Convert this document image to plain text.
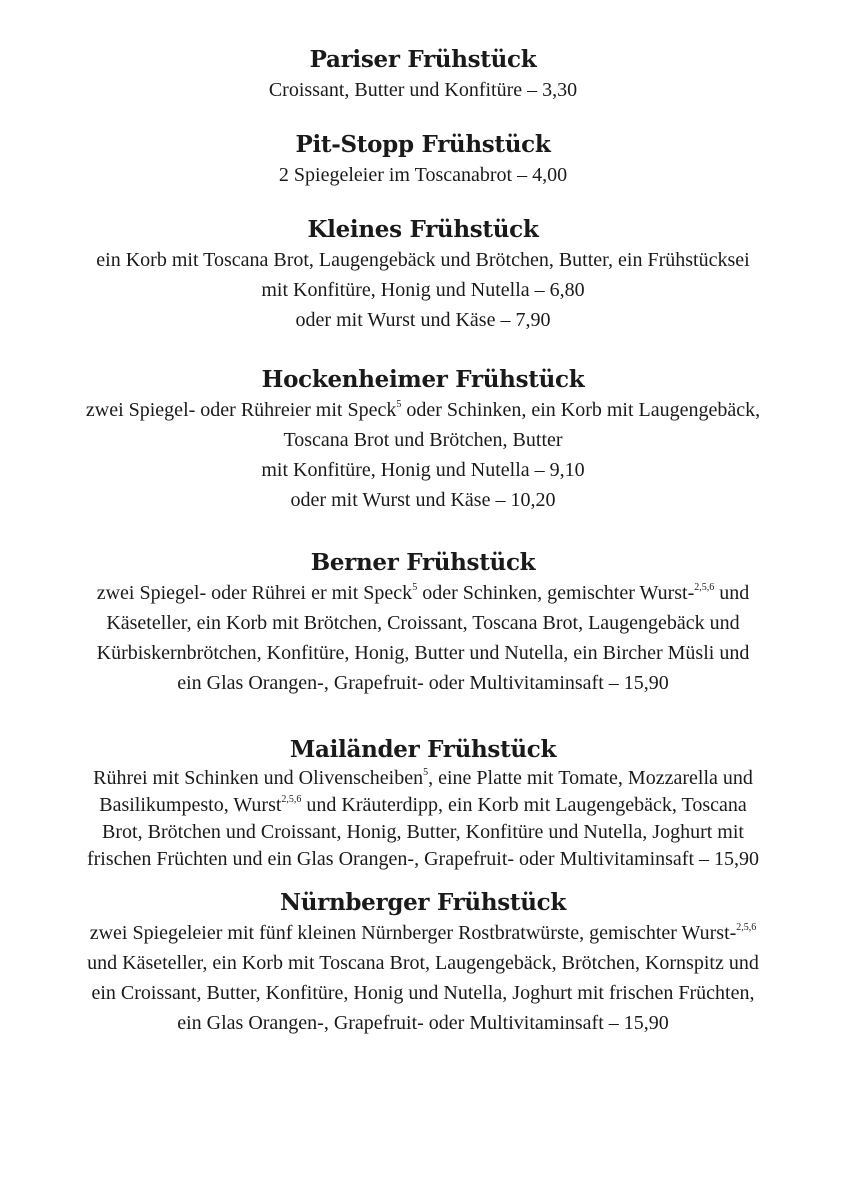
Pariser Frühstück
Croissant, Butter und Konfitüre – 3,30
Pit-Stopp Frühstück
2 Spiegeleier im Toscanabrot – 4,00
Kleines Frühstück
ein Korb mit Toscana Brot, Laugengebäck und Brötchen, Butter, ein Frühstücksei
mit Konfitüre, Honig und Nutella – 6,80
oder mit Wurst und Käse – 7,90
Hockenheimer Frühstück
zwei Spiegel- oder Rühreier mit Speck$^5$ oder Schinken, ein Korb mit Laugengebäck,
Toscana Brot und Brötchen, Butter
mit Konfitüre, Honig und Nutella – 9,10
oder mit Wurst und Käse – 10,20
Berner Frühstück
zwei Spiegel- oder Rührei er mit Speck$^5$ oder Schinken, gemischter Wurst-$^{2,5,6}$ und
Käseteller, ein Korb mit Brötchen, Croissant, Toscana Brot, Laugengebäck und
Kürbiskernbrötchen, Konfitüre, Honig, Butter und Nutella, ein Bircher Müsli und
ein Glas Orangen-, Grapefruit- oder Multivitaminsaft – 15,90
Mailänder Frühstück
Rührei mit Schinken und Olivenscheiben$^5$, eine Platte mit Tomate, Mozzarella und
Basilikumpesto, Wurst$^{2,5,6}$ und Kräuterdipp, ein Korb mit Laugengebäck, Toscana
Brot, Brötchen und Croissant, Honig, Butter, Konfitüre und Nutella, Joghurt mit
frischen Früchten und ein Glas Orangen-, Grapefruit- oder Multivitaminsaft – 15,90
Nürnberger Frühstück
zwei Spiegeleier mit fünf kleinen Nürnberger Rostbratwürste, gemischter Wurst-$^{2,5,6}$
und Käseteller, ein Korb mit Toscana Brot, Laugengebäck, Brötchen, Kornspitz und
ein Croissant, Butter, Konfitüre, Honig und Nutella, Joghurt mit frischen Früchten,
ein Glas Orangen-, Grapefruit- oder Multivitaminsaft – 15,90
